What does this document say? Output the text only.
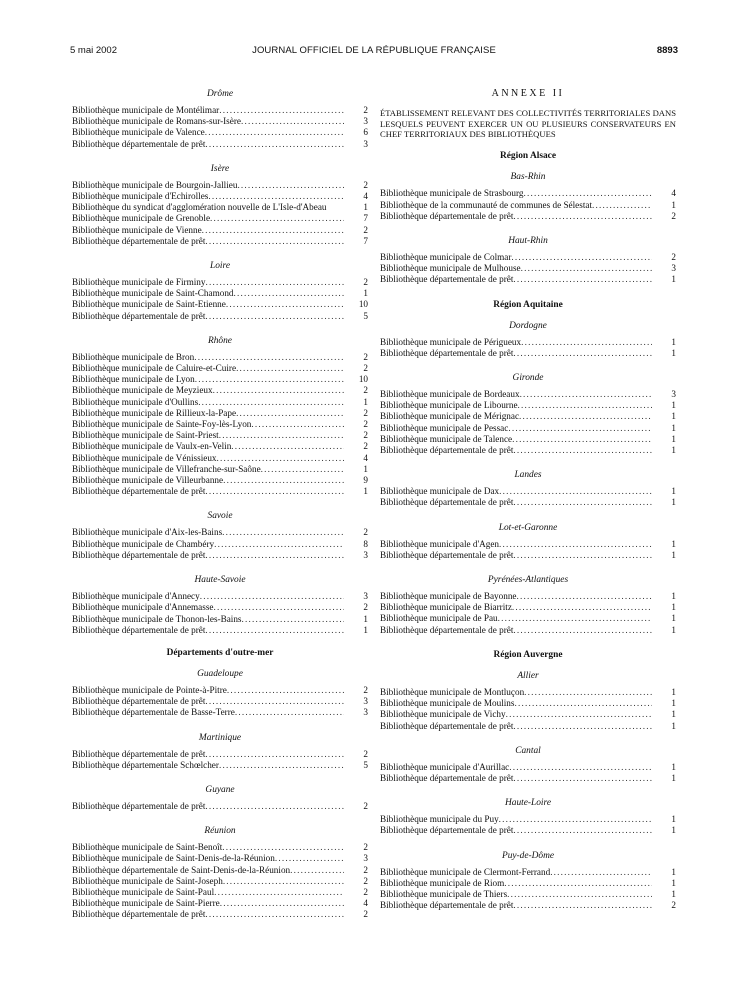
5 mai 2002	JOURNAL OFFICIEL DE LA RÉPUBLIQUE FRANÇAISE	8893
Drôme
Bibliothèque municipale de Montélimar .....	2
Bibliothèque municipale de Romans-sur-Isère .....	3
Bibliothèque municipale de Valence .....	6
Bibliothèque départementale de prêt .....	3
Isère
Bibliothèque municipale de Bourgoin-Jallieu .....	2
Bibliothèque municipale d'Echirolles .....	4
Bibliothèque du syndicat d'agglomération nouvelle de L'Isle-d'Abeau	1
Bibliothèque municipale de Grenoble .....	7
Bibliothèque municipale de Vienne .....	2
Bibliothèque départementale de prêt .....	7
Loire
Bibliothèque municipale de Firminy .....	2
Bibliothèque municipale de Saint-Chamond .....	1
Bibliothèque municipale de Saint-Etienne .....	10
Bibliothèque départementale de prêt .....	5
Rhône
Bibliothèque municipale de Bron .....	2
Bibliothèque municipale de Caluire-et-Cuire .....	2
Bibliothèque municipale de Lyon .....	10
Bibliothèque municipale de Meyzieux .....	2
Bibliothèque municipale d'Oullins .....	1
Bibliothèque municipale de Rillieux-la-Pape .....	2
Bibliothèque municipale de Sainte-Foy-lès-Lyon .....	2
Bibliothèque municipale de Saint-Priest .....	2
Bibliothèque municipale de Vaulx-en-Velin .....	2
Bibliothèque municipale de Vénissieux .....	4
Bibliothèque municipale de Villefranche-sur-Saône .....	1
Bibliothèque municipale de Villeurbanne .....	9
Bibliothèque départementale de prêt .....	1
Savoie
Bibliothèque municipale d'Aix-les-Bains .....	2
Bibliothèque municipale de Chambéry .....	8
Bibliothèque départementale de prêt .....	3
Haute-Savoie
Bibliothèque municipale d'Annecy .....	3
Bibliothèque municipale d'Annemasse .....	2
Bibliothèque municipale de Thonon-les-Bains .....	1
Bibliothèque départementale de prêt .....	1
Départements d'outre-mer
Guadeloupe
Bibliothèque municipale de Pointe-à-Pitre .....	2
Bibliothèque départementale de prêt .....	3
Bibliothèque départementale de Basse-Terre .....	3
Martinique
Bibliothèque départementale de prêt .....	2
Bibliothèque départementale Schœlcher .....	5
Guyane
Bibliothèque départementale de prêt .....	2
Réunion
Bibliothèque municipale de Saint-Benoît .....	2
Bibliothèque municipale de Saint-Denis-de-la-Réunion .....	3
Bibliothèque départementale de Saint-Denis-de-la-Réunion .....	2
Bibliothèque municipale de Saint-Joseph .....	2
Bibliothèque municipale de Saint-Paul .....	2
Bibliothèque municipale de Saint-Pierre .....	4
Bibliothèque départementale de prêt .....	2
ANNEXE II
ÉTABLISSEMENT RELEVANT DES COLLECTIVITÉS TERRITORIALES DANS LESQUELS PEUVENT EXERCER UN OU PLUSIEURS CONSERVATEURS EN CHEF TERRITORIAUX DES BIBLIOTHÈQUES
Région Alsace
Bas-Rhin
Bibliothèque municipale de Strasbourg .....	4
Bibliothèque de la communauté de communes de Sélestat .....	1
Bibliothèque départementale de prêt .....	2
Haut-Rhin
Bibliothèque municipale de Colmar .....	2
Bibliothèque municipale de Mulhouse .....	3
Bibliothèque départementale de prêt .....	1
Région Aquitaine
Dordogne
Bibliothèque municipale de Périgueux .....	1
Bibliothèque départementale de prêt .....	1
Gironde
Bibliothèque municipale de Bordeaux .....	3
Bibliothèque municipale de Libourne .....	1
Bibliothèque municipale de Mérignac .....	1
Bibliothèque municipale de Pessac .....	1
Bibliothèque municipale de Talence .....	1
Bibliothèque départementale de prêt .....	1
Landes
Bibliothèque municipale de Dax .....	1
Bibliothèque départementale de prêt .....	1
Lot-et-Garonne
Bibliothèque municipale d'Agen .....	1
Bibliothèque départementale de prêt .....	1
Pyrénées-Atlantiques
Bibliothèque municipale de Bayonne .....	1
Bibliothèque municipale de Biarritz .....	1
Bibliothèque municipale de Pau .....	1
Bibliothèque départementale de prêt .....	1
Région Auvergne
Allier
Bibliothèque municipale de Montluçon .....	1
Bibliothèque municipale de Moulins .....	1
Bibliothèque municipale de Vichy .....	1
Bibliothèque départementale de prêt .....	1
Cantal
Bibliothèque municipale d'Aurillac .....	1
Bibliothèque départementale de prêt .....	1
Haute-Loire
Bibliothèque municipale du Puy .....	1
Bibliothèque départementale de prêt .....	1
Puy-de-Dôme
Bibliothèque municipale de Clermont-Ferrand .....	1
Bibliothèque municipale de Riom .....	1
Bibliothèque municipale de Thiers .....	1
Bibliothèque départementale de prêt .....	2
